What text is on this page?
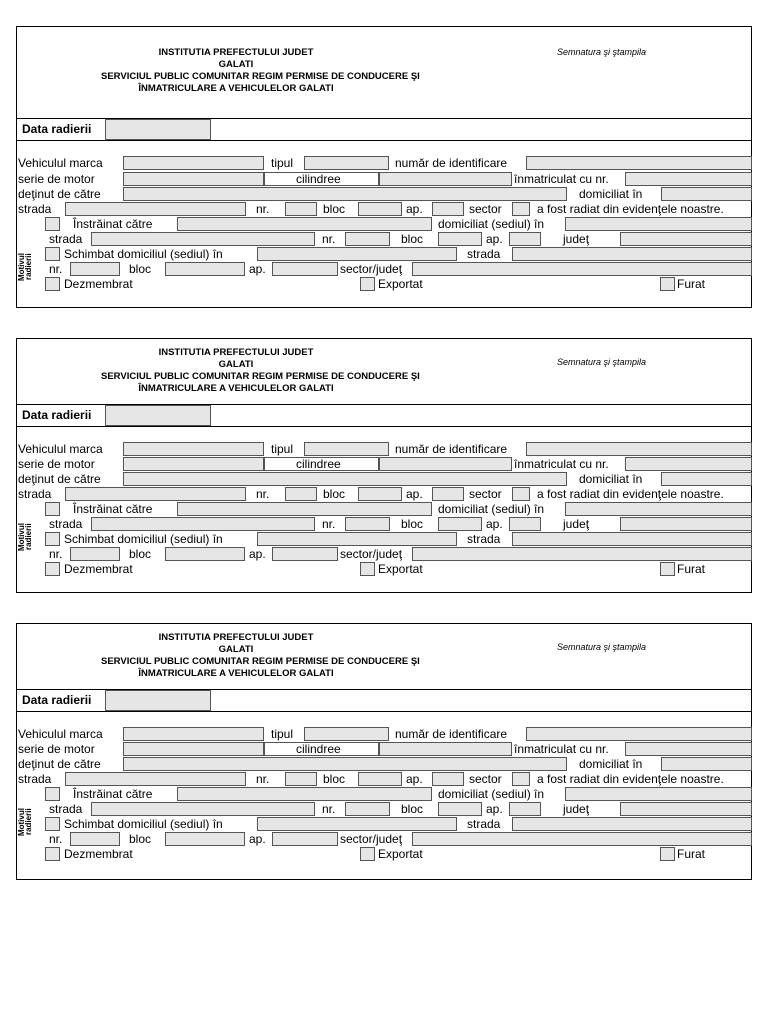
INSTITUTIA PREFECTULUI JUDET
GALATI
SERVICIUL PUBLIC COMUNITAR REGIM PERMISE DE CONDUCERE ŞI
ÎNMATRICULARE A VEHICULELOR GALATI
Semnatura şi ştampila
Data radierii
Vehiculul marca	tipul	număr de identificare
serie de motor	cilindree	înmatriculat cu nr.
deţinut de către	domiciliat în
strada	nr.	bloc	ap.	sector	a fost radiat din evidenţele noastre.
Motivul
radierii
Înstrăinat către	domiciliat (sediul) în
strada	nr.	bloc	ap.	judeţ
Schimbat domiciliul (sediul) în	strada
nr.	bloc	ap.	sector/judeţ
Dezmembrat	Exportat	Furat
INSTITUTIA PREFECTULUI JUDET
GALATI
SERVICIUL PUBLIC COMUNITAR REGIM PERMISE DE CONDUCERE ŞI
ÎNMATRICULARE A VEHICULELOR GALATI
Semnatura şi ştampila
Data radierii
Vehiculul marca	tipul	număr de identificare
serie de motor	cilindree	înmatriculat cu nr.
deţinut de către	domiciliat în
strada	nr.	bloc	ap.	sector	a fost radiat din evidenţele noastre.
Motivul
radierii
Înstrăinat către	domiciliat (sediul) în
strada	nr.	bloc	ap.	judeţ
Schimbat domiciliul (sediul) în	strada
nr.	bloc	ap.	sector/judeţ
Dezmembrat	Exportat	Furat
INSTITUTIA PREFECTULUI JUDET
GALATI
SERVICIUL PUBLIC COMUNITAR REGIM PERMISE DE CONDUCERE ŞI
ÎNMATRICULARE A VEHICULELOR GALATI
Semnatura şi ştampila
Data radierii
Vehiculul marca	tipul	număr de identificare
serie de motor	cilindree	înmatriculat cu nr.
deţinut de către	domiciliat în
strada	nr.	bloc	ap.	sector	a fost radiat din evidenţele noastre.
Motivul
radierii
Înstrăinat către	domiciliat (sediul) în
strada	nr.	bloc	ap.	judeţ
Schimbat domiciliul (sediul) în	strada
nr.	bloc	ap.	sector/judeţ
Dezmembrat	Exportat	Furat
